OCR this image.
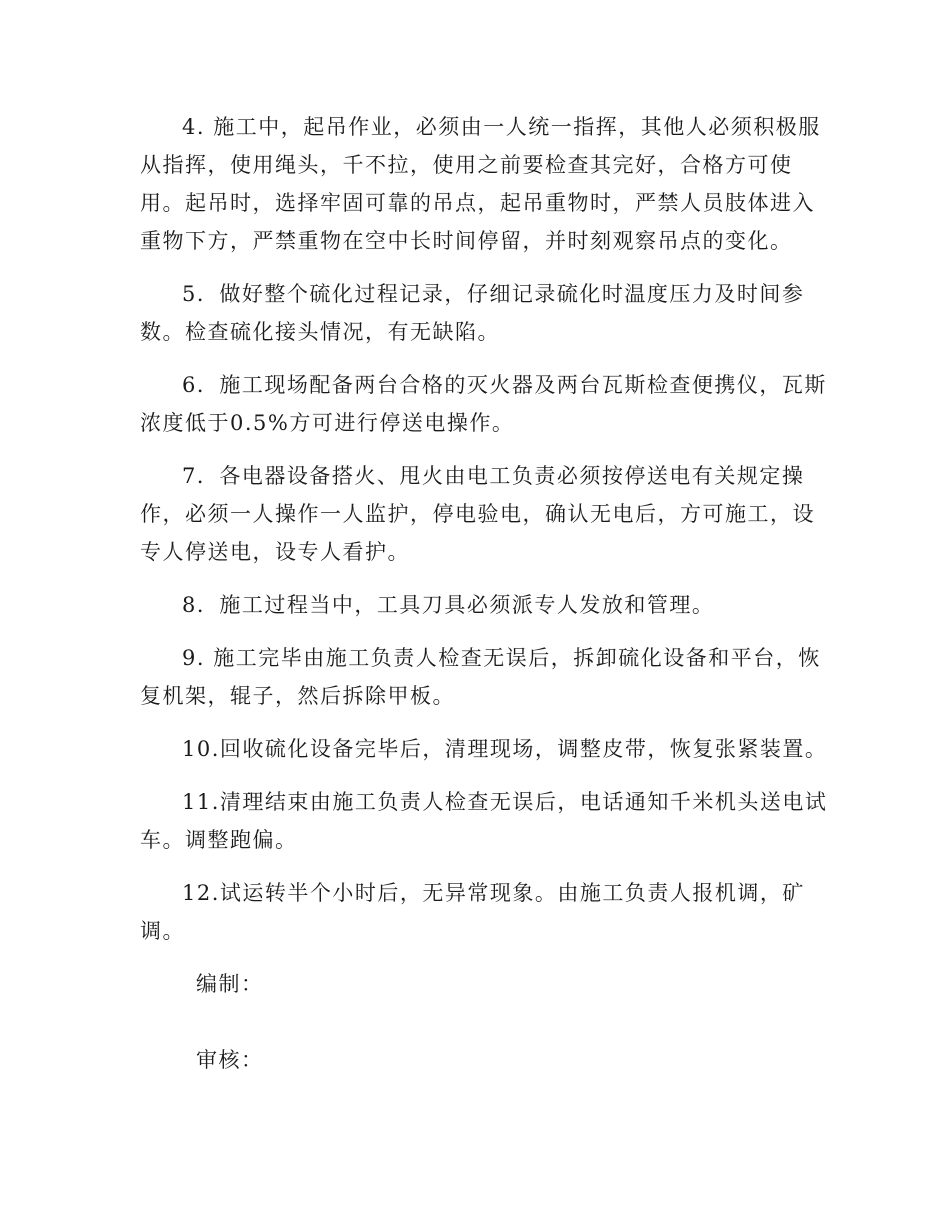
4. 施工中，起吊作业，必须由一人统一指挥，其他人必须积极服
从指挥，使用绳头，千不拉，使用之前要检查其完好，合格方可使
用。起吊时，选择牢固可靠的吊点，起吊重物时，严禁人员肢体进入
重物下方，严禁重物在空中长时间停留，并时刻观察吊点的变化。
5．做好整个硫化过程记录，仔细记录硫化时温度压力及时间参
数。检查硫化接头情况，有无缺陷。
6．施工现场配备两台合格的灭火器及两台瓦斯检查便携仪，瓦斯
浓度低于0.5%方可进行停送电操作。
7．各电器设备搭火、甩火由电工负责必须按停送电有关规定操
作，必须一人操作一人监护，停电验电，确认无电后，方可施工，设
专人停送电，设专人看护。
8．施工过程当中，工具刀具必须派专人发放和管理。
9. 施工完毕由施工负责人检查无误后，拆卸硫化设备和平台，恢
复机架，辊子，然后拆除甲板。
10.回收硫化设备完毕后，清理现场，调整皮带，恢复张紧装置。
11.清理结束由施工负责人检查无误后，电话通知千米机头送电试
车。调整跑偏。
12.试运转半个小时后，无异常现象。由施工负责人报机调，矿
调。
编制：
审核：
